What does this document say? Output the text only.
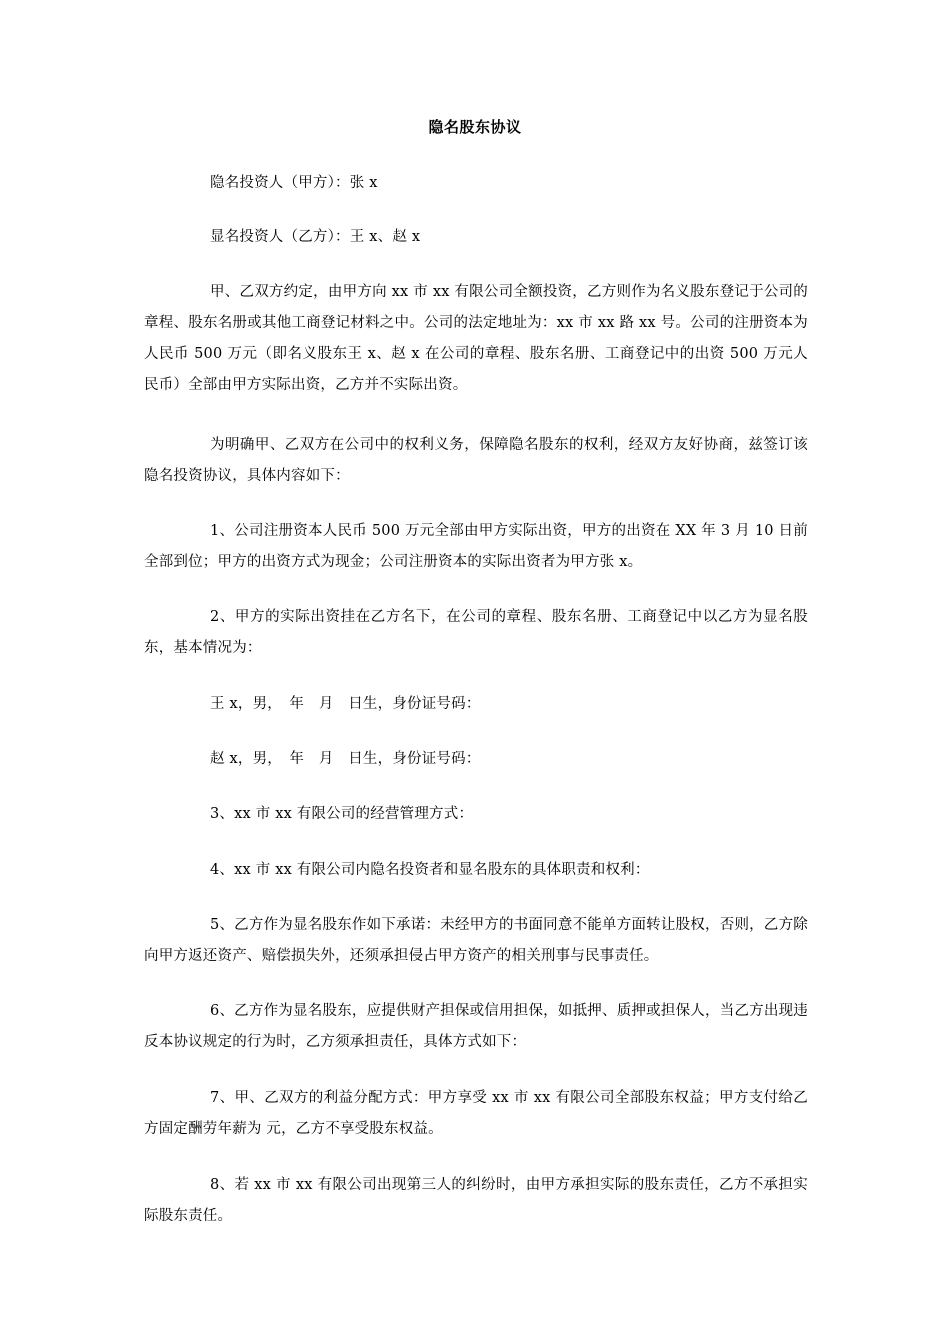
隐名股东协议
隐名投资人（甲方）：张 x
显名投资人（乙方）：王 x、赵 x
甲、乙双方约定，由甲方向 xx 市 xx 有限公司全额投资，乙方则作为名义股东登记于公司的章程、股东名册或其他工商登记材料之中。公司的法定地址为：xx 市 xx 路 xx 号。公司的注册资本为人民币 500 万元（即名义股东王 x、赵 x 在公司的章程、股东名册、工商登记中的出资 500 万元人民币）全部由甲方实际出资，乙方并不实际出资。
为明确甲、乙双方在公司中的权利义务，保障隐名股东的权利，经双方友好协商，兹签订该隐名投资协议，具体内容如下：
1、公司注册资本人民币 500 万元全部由甲方实际出资，甲方的出资在 XX 年 3 月 10 日前全部到位；甲方的出资方式为现金；公司注册资本的实际出资者为甲方张 x。
2、甲方的实际出资挂在乙方名下，在公司的章程、股东名册、工商登记中以乙方为显名股东，基本情况为：
王 x，男，　年　月　日生，身份证号码：
赵 x，男，　年　月　日生，身份证号码：
3、xx 市 xx 有限公司的经营管理方式：
4、xx 市 xx 有限公司内隐名投资者和显名股东的具体职责和权利：
5、乙方作为显名股东作如下承诺：未经甲方的书面同意不能单方面转让股权，否则，乙方除向甲方返还资产、赔偿损失外，还须承担侵占甲方资产的相关刑事与民事责任。
6、乙方作为显名股东，应提供财产担保或信用担保，如抵押、质押或担保人，当乙方出现违反本协议规定的行为时，乙方须承担责任，具体方式如下：
7、甲、乙双方的利益分配方式：甲方享受 xx 市 xx 有限公司全部股东权益；甲方支付给乙方固定酬劳年薪为 元，乙方不享受股东权益。
8、若 xx 市 xx 有限公司出现第三人的纠纷时，由甲方承担实际的股东责任，乙方不承担实际股东责任。
